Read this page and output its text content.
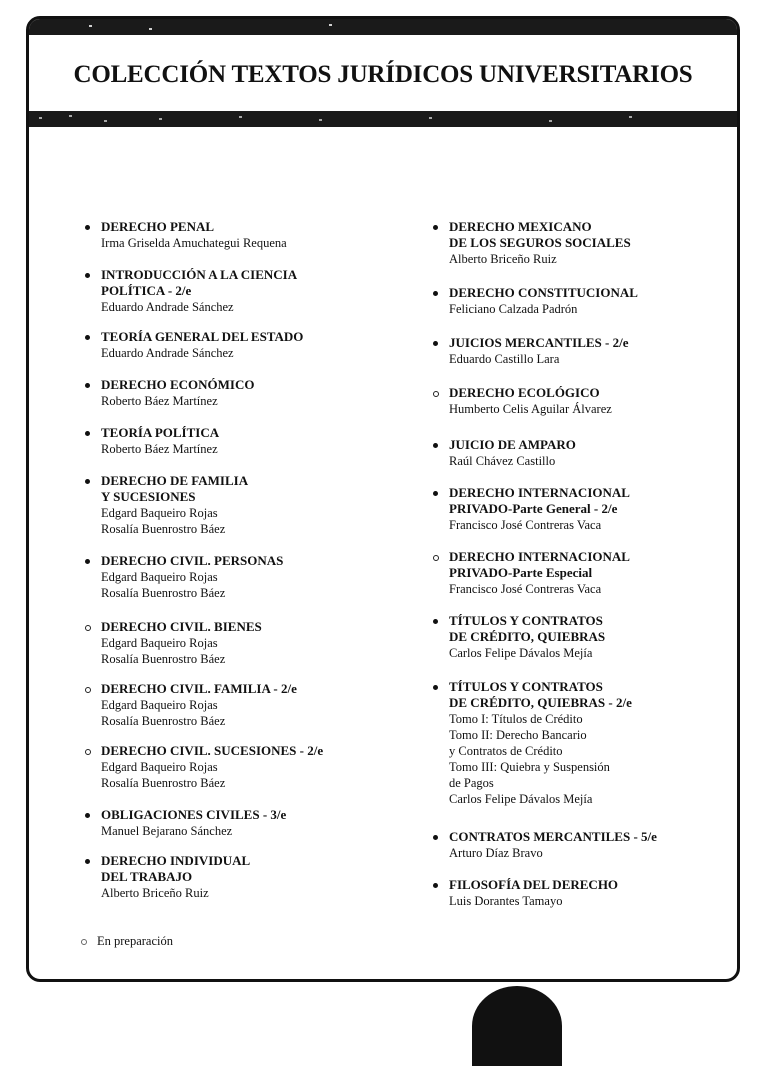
COLECCIÓN TEXTOS JURÍDICOS UNIVERSITARIOS
DERECHO PENAL
Irma Griselda Amuchategui Requena
INTRODUCCIÓN A LA CIENCIA
POLÍTICA - 2/e
Eduardo Andrade Sánchez
TEORÍA GENERAL DEL ESTADO
Eduardo Andrade Sánchez
DERECHO ECONÓMICO
Roberto Báez Martínez
TEORÍA POLÍTICA
Roberto Báez Martínez
DERECHO DE FAMILIA
Y SUCESIONES
Edgard Baqueiro Rojas
Rosalía Buenrostro Báez
DERECHO CIVIL. PERSONAS
Edgard Baqueiro Rojas
Rosalía Buenrostro Báez
DERECHO CIVIL. BIENES
Edgard Baqueiro Rojas
Rosalía Buenrostro Báez
DERECHO CIVIL. FAMILIA - 2/e
Edgard Baqueiro Rojas
Rosalía Buenrostro Báez
DERECHO CIVIL. SUCESIONES - 2/e
Edgard Baqueiro Rojas
Rosalía Buenrostro Báez
OBLIGACIONES CIVILES - 3/e
Manuel Bejarano Sánchez
DERECHO INDIVIDUAL
DEL TRABAJO
Alberto Briceño Ruiz
DERECHO MEXICANO
DE LOS SEGUROS SOCIALES
Alberto Briceño Ruiz
DERECHO CONSTITUCIONAL
Feliciano Calzada Padrón
JUICIOS MERCANTILES - 2/e
Eduardo Castillo Lara
DERECHO ECOLÓGICO
Humberto Celis Aguilar Álvarez
JUICIO DE AMPARO
Raúl Chávez Castillo
DERECHO INTERNACIONAL
PRIVADO-Parte General - 2/e
Francisco José Contreras Vaca
DERECHO INTERNACIONAL
PRIVADO-Parte Especial
Francisco José Contreras Vaca
TÍTULOS Y CONTRATOS
DE CRÉDITO, QUIEBRAS
Carlos Felipe Dávalos Mejía
TÍTULOS Y CONTRATOS
DE CRÉDITO, QUIEBRAS - 2/e
Tomo I: Títulos de Crédito
Tomo II: Derecho Bancario
y Contratos de Crédito
Tomo III: Quiebra y Suspensión
de Pagos
Carlos Felipe Dávalos Mejía
CONTRATOS MERCANTILES - 5/e
Arturo Díaz Bravo
FILOSOFÍA DEL DERECHO
Luis Dorantes Tamayo
En preparación
